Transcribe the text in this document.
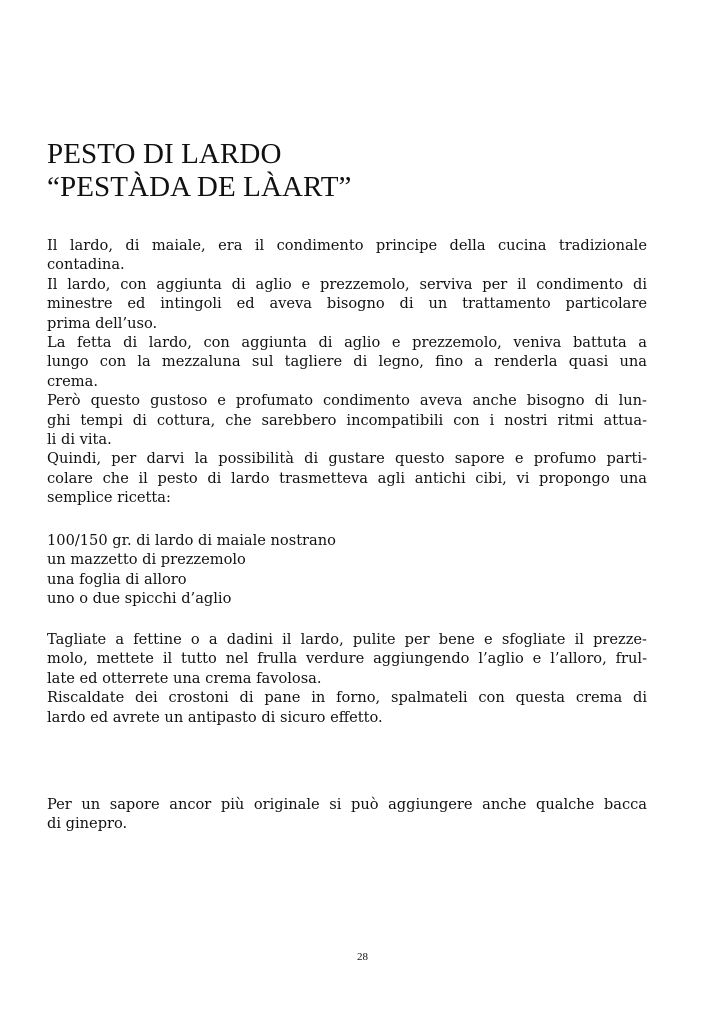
PESTO DI LARDO
“PESTÀDA DE LÀART”
Il lardo, di maiale, era il condimento principe della cucina tradizionale
contadina.
Il lardo, con aggiunta di aglio e prezzemolo, serviva per il condimento di
minestre ed intingoli ed aveva bisogno di un trattamento particolare
prima dell’uso.
La fetta di lardo, con aggiunta di aglio e prezzemolo, veniva battuta a
lungo con la mezzaluna sul tagliere di legno, fino a renderla quasi una
crema.
Però questo gustoso e profumato condimento aveva anche bisogno di lun-
ghi tempi di cottura, che sarebbero incompatibili con i nostri ritmi attua-
li di vita.
Quindi, per darvi la possibilità di gustare questo sapore e profumo parti-
colare che il pesto di lardo trasmetteva agli antichi cibi, vi propongo una
semplice ricetta:
100/150 gr. di lardo di maiale nostrano
un mazzetto di prezzemolo
una foglia di alloro
uno o due spicchi d’aglio
Tagliate a fettine o a dadini il lardo, pulite per bene e sfogliate il prezze-
molo, mettete il tutto nel frulla verdure aggiungendo l’aglio e l’alloro, frul-
late ed otterrete una crema favolosa.
Riscaldate dei crostoni di pane in forno, spalmateli con questa crema di
lardo ed avrete un antipasto di sicuro effetto.
Per un sapore ancor più originale si può aggiungere anche qualche bacca
di ginepro.
28
